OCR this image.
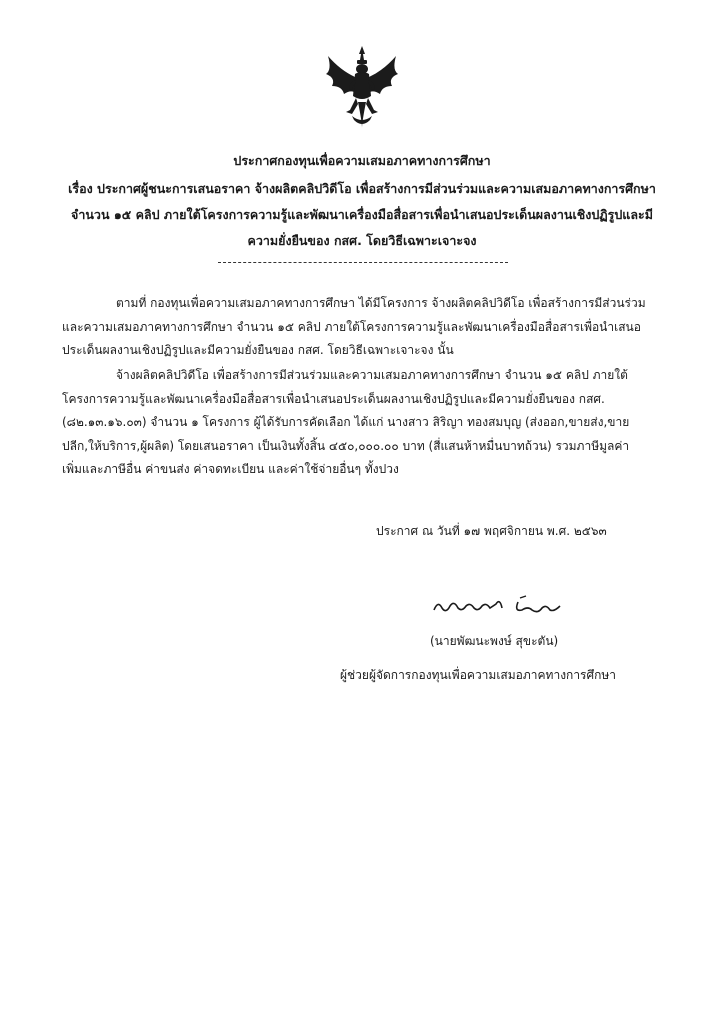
ประกาศกองทุนเพื่อความเสมอภาคทางการศึกษา
เรื่อง ประกาศผู้ชนะการเสนอราคา จ้างผลิตคลิปวิดีโอ เพื่อสร้างการมีส่วนร่วมและความเสมอภาคทางการศึกษา
จำนวน ๑๕ คลิป ภายใต้โครงการความรู้และพัฒนาเครื่องมือสื่อสารเพื่อนำเสนอประเด็นผลงานเชิงปฏิรูปและมี
ความยั่งยืนของ กสศ. โดยวิธีเฉพาะเจาะจง
ตามที่ กองทุนเพื่อความเสมอภาคทางการศึกษา ได้มีโครงการ จ้างผลิตคลิปวิดีโอ เพื่อสร้างการมีส่วนร่วม
และความเสมอภาคทางการศึกษา จำนวน ๑๕ คลิป ภายใต้โครงการความรู้และพัฒนาเครื่องมือสื่อสารเพื่อนำเสนอ
ประเด็นผลงานเชิงปฏิรูปและมีความยั่งยืนของ กสศ. โดยวิธีเฉพาะเจาะจง นั้น
จ้างผลิตคลิปวิดีโอ เพื่อสร้างการมีส่วนร่วมและความเสมอภาคทางการศึกษา จำนวน ๑๕ คลิป ภายใต้
โครงการความรู้และพัฒนาเครื่องมือสื่อสารเพื่อนำเสนอประเด็นผลงานเชิงปฏิรูปและมีความยั่งยืนของ กสศ.
(๘๒.๑๓.๑๖.๐๓) จำนวน ๑ โครงการ ผู้ได้รับการคัดเลือก ได้แก่ นางสาว สิริญา ทองสมบุญ (ส่งออก,ขายส่ง,ขาย
ปลีก,ให้บริการ,ผู้ผลิต) โดยเสนอราคา เป็นเงินทั้งสิ้น ๔๕๐,๐๐๐.๐๐ บาท (สี่แสนห้าหมื่นบาทถ้วน) รวมภาษีมูลค่า
เพิ่มและภาษีอื่น ค่าขนส่ง ค่าจดทะเบียน และค่าใช้จ่ายอื่นๆ ทั้งปวง
ประกาศ ณ วันที่ ๑๗ พฤศจิกายน พ.ศ. ๒๕๖๓
(นายพัฒนะพงษ์ สุขะตัน)
ผู้ช่วยผู้จัดการกองทุนเพื่อความเสมอภาคทางการศึกษา
